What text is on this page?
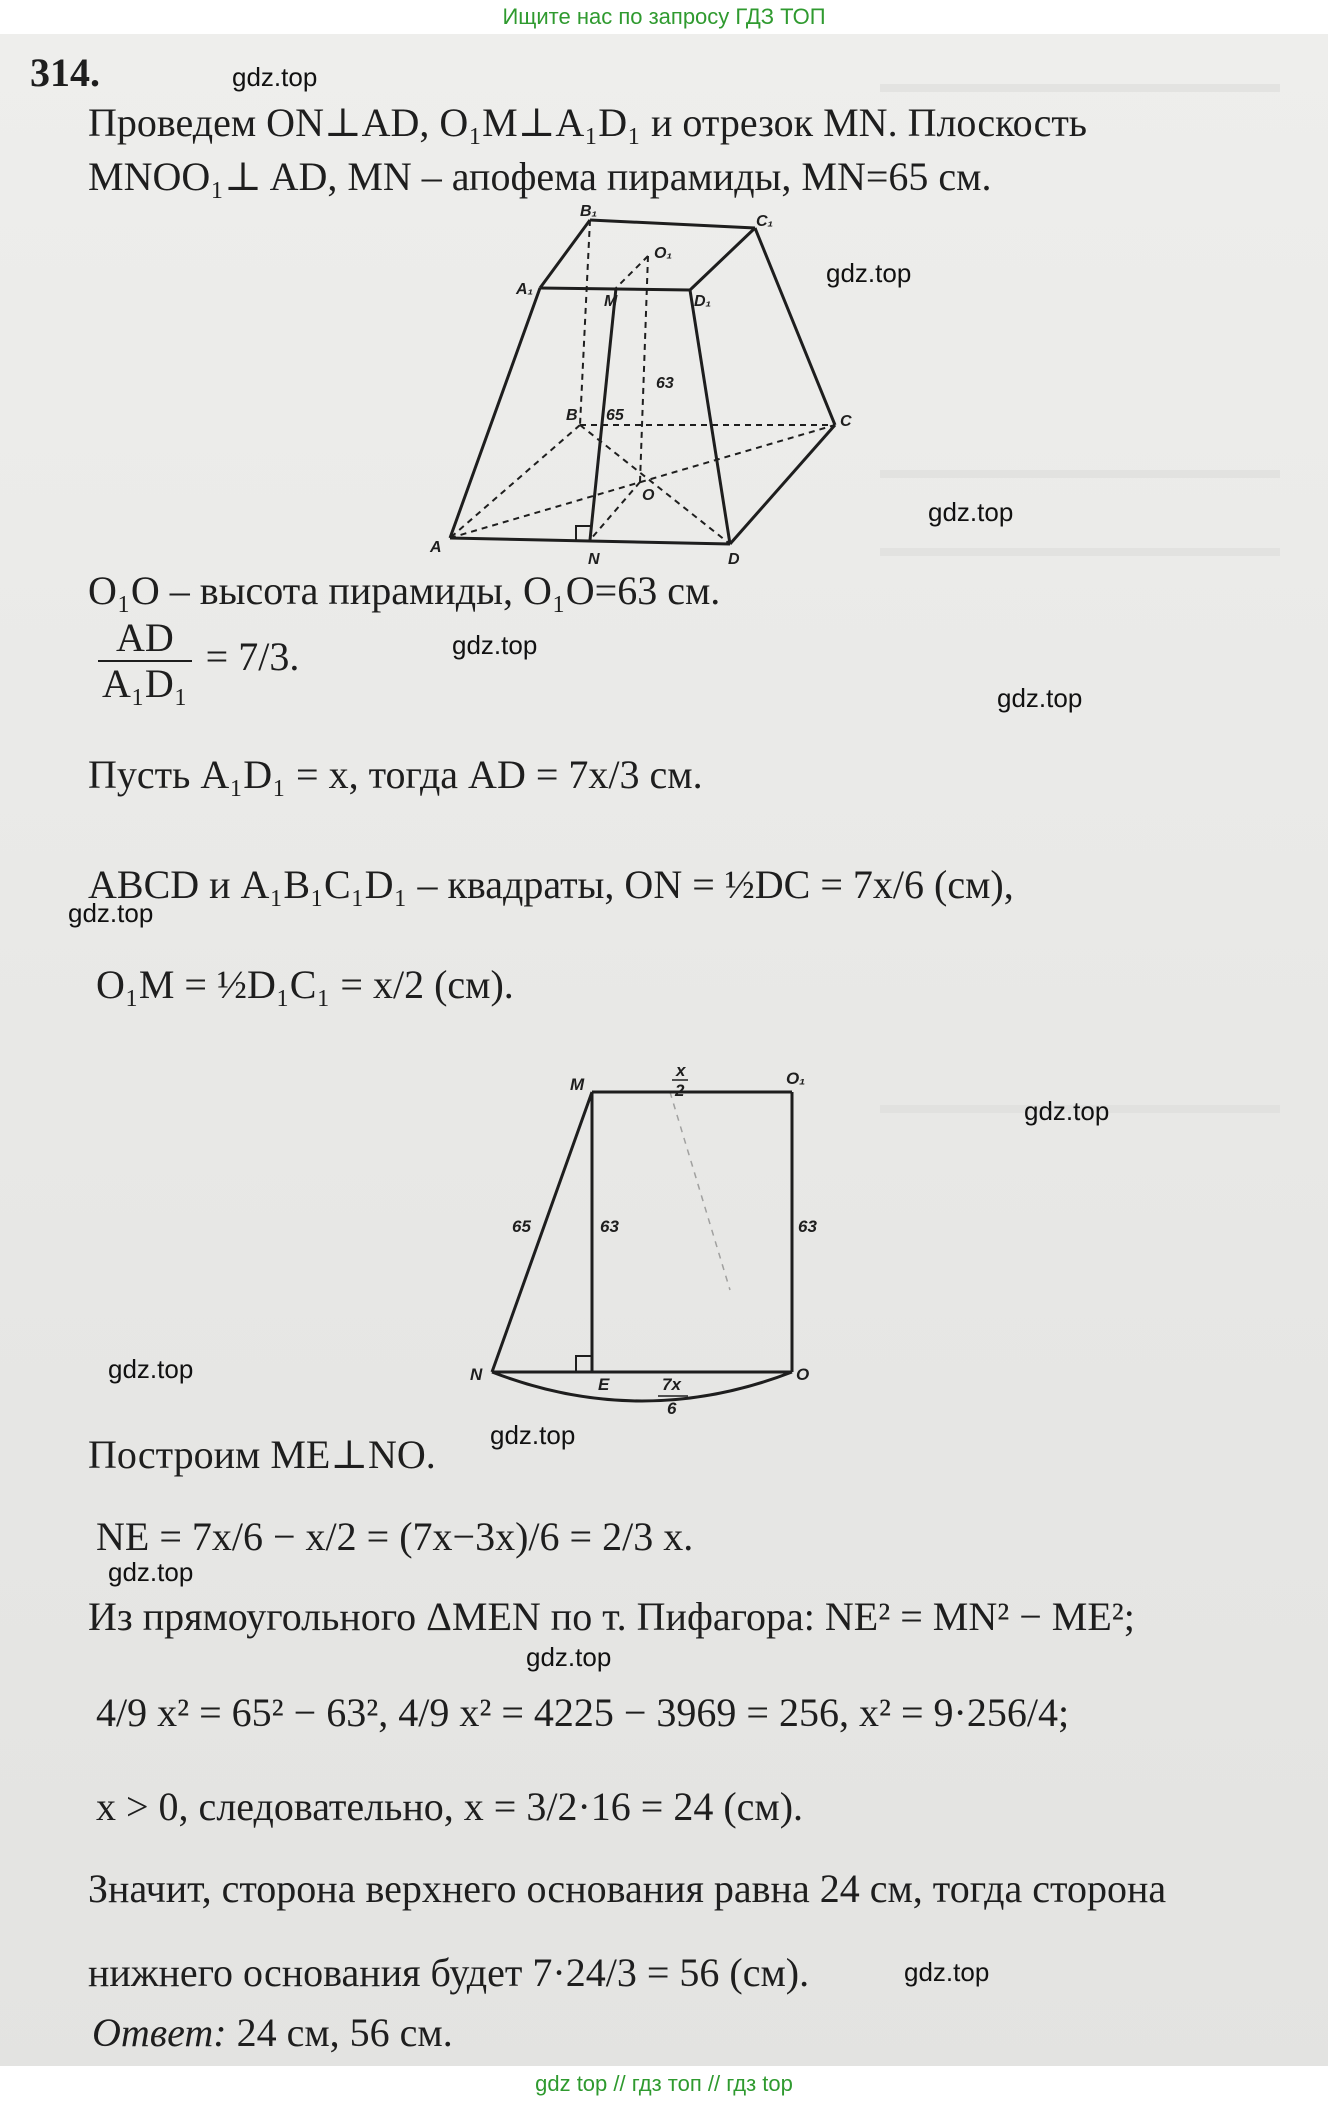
Ищите нас по запросу ГДЗ ТОП
gdz.top
gdz.top
gdz.top
gdz.top
gdz.top
gdz.top
gdz.top
gdz.top
gdz.top
gdz.top
gdz.top
gdz.top
314.
Проведем ON⊥AD, O₁M⊥A₁D₁ и отрезок MN. Плоскость
MNOO₁⊥ AD, MN – апофема пирамиды, MN=65 см.
A
B	C
D
A₁
B₁
C₁
D₁
M
N
O
O₁
63
65
O₁O – высота пирамиды, O₁O=63 см.
$\frac{AD}{\text{A₁D₁}} = 7/3$.
Пусть A₁D₁ = x, тогда AD = 7x/3 см.
ABCD и A₁B₁C₁D₁ – квадраты, ON = ½DC = 7x/6 (см),
O₁M = ½D₁C₁ = x/2 (см).
M	O₁
x
2
N
E
O
65	63	63
7x
6
Построим ME⊥NO.
NE = 7x/6 − x/2 = (7x−3x)/6 = 2/3 x.
Из прямоугольного ΔMEN по т. Пифагора: NE² = MN² − ME²;
4/9 x² = 65² − 63², 4/9 x² = 4225 − 3969 = 256, x² = 9·256/4;
x > 0, следовательно, x = 3/2·16 = 24 (см).
Значит, сторона верхнего основания равна 24 см, тогда сторона
нижнего основания будет 7·24/3 = 56 (см).
Ответ: 24 см, 56 см.
gdz top // гдз топ // гдз top
